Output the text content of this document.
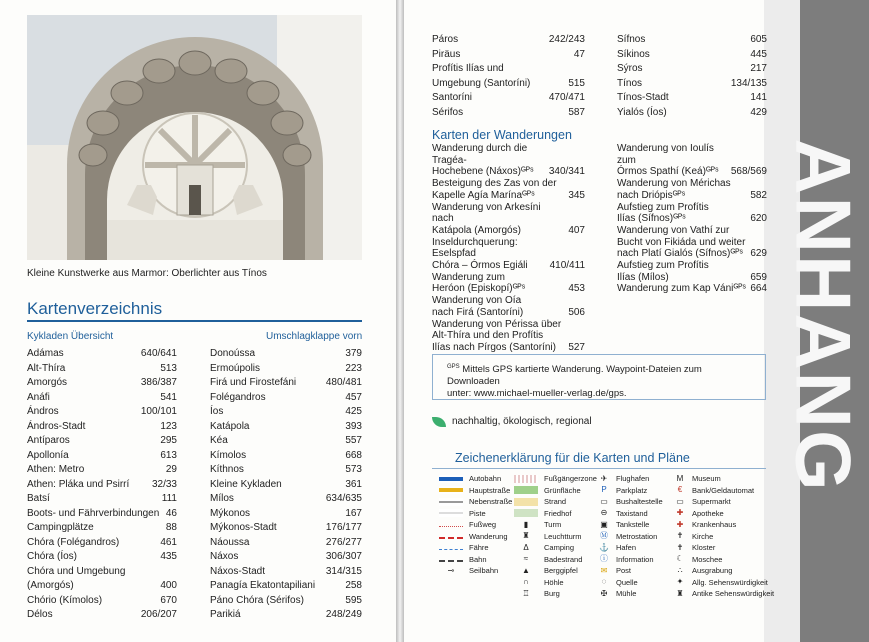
Kleine Kunstwerke aus Marmor: Oberlichter aus Tínos
Kartenverzeichnis
Kykladen Übersicht	Umschlagklappe vorn
Adámas	640/641
Alt-Thíra	513
Amorgós	386/387
Anáfi	541
Ándros	100/101
Ándros-Stadt	123
Antíparos	295
Apollonía	613
Athen: Metro	29
Athen: Pláka und Psirrí	32/33
Batsí	111
Boots- und Fährverbindungen 46
Campingplätze	88
Chóra (Folégandros)	461
Chóra (Íos)	435
Chóra und Umgebung
(Amorgós)	400
Chório (Kímolos)	670
Délos	206/207
Donoússa	379
Ermoúpolis	223
Firá und Firostefáni	480/481
Folégandros	457
Íos	425
Katápola	393
Kéa	557
Kímolos	668
Kíthnos	573
Kleine Kykladen	361
Mílos	634/635
Mýkonos	167
Mýkonos-Stadt	176/177
Náoussa	276/277
Náxos	306/307
Náxos-Stadt	314/315
Panagía Ekatontapiliani	258
Páno Chóra (Sérifos)	595
Parikiá	248/249
Páros	242/243
Piräus	47
Profítis Ilías und
Umgebung (Santoríni)	515
Santoríni	470/471
Sérifos	587
Sífnos	605
Síkinos	445
Sýros	217
Tínos	134/135
Tínos-Stadt	141
Yialós (Íos)	429
Karten der Wanderungen
Wanderung durch die Tragéa-
Hochebene (Náxos)ᴳᴾˢ	340/341
Besteigung des Zas von der
Kapelle Agía Marínaᴳᴾˢ	345
Wanderung von Arkesíni nach
Katápola (Amorgós)	407
Inseldurchquerung: Eselspfad
Chóra – Órmos Egiáli	410/411
Wanderung zum
Heróon (Episkopí)ᴳᴾˢ	453
Wanderung von Oía
nach Firá (Santoríni)	506
Wanderung von Périssa über
Alt-Thíra und den Profítis
Ilías nach Pírgos (Santoríni)	527
Wanderung von Ioulís zum
Órmos Spathí (Keá)ᴳᴾˢ	568/569
Wanderung von Mérichas
nach Driópisᴳᴾˢ	582
Aufstieg zum Profítis
Ilías (Sífnos)ᴳᴾˢ	620
Wanderung von Vathí zur
Bucht von Fikiáda und weiter
nach Platí Gialós (Sífnos)ᴳᴾˢ 629
Aufstieg zum Profítis
Ilías (Mílos)	659
Wanderung zum Kap Vániᴳᴾˢ 664
$^{GPS}$ Mittels GPS kartierte Wanderung. Waypoint-Dateien zum Downloaden
unter: www.michael-mueller-verlag.de/gps.
nachhaltig, ökologisch, regional
Zeichenerklärung für die Karten und Pläne
Autobahn
Hauptstraße
Nebenstraße
Piste
Fußweg
Wanderung
Fähre
Bahn
⊸	Seilbahn
Fußgängerzone
Grünfläche
Strand
Friedhof
▮	Turm
♜	Leuchtturm
Δ	Camping
≈	Badestrand
▲	Berggipfel
∩	Höhle
♖	Burg
✈	Flughafen
P	Parkplatz
▭ Bushaltestelle
⊖	Taxistand
▣ Tankstelle
Ⓜ Metrostation
⚓ Hafen
ⓘ Information
✉	Post
◌	Quelle
✠	Mühle
M	Museum
€	Bank/Geldautomat
▭ Supermarkt
✚	Apotheke
✚	Krankenhaus
✝	Kirche
✝	Kloster
☾	Moschee
∴	Ausgrabung
✦	Allg. Sehenswürdigkeit
♜	Antike Sehenswürdigkeit
ANHANG
